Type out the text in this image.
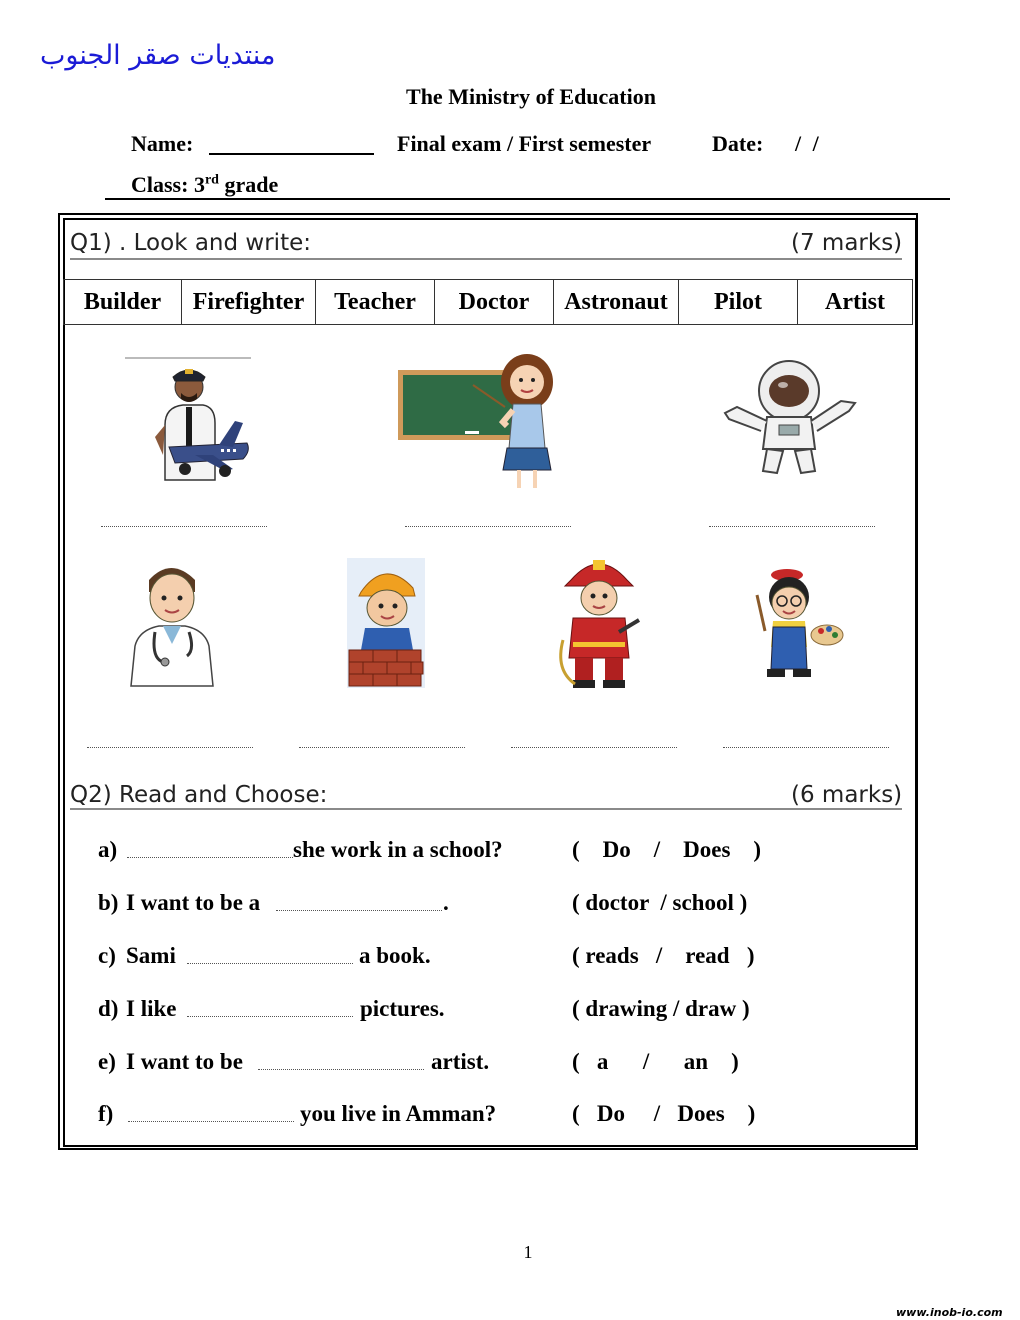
منتديات صقر الجنوب
The Ministry of Education
Name:	Final exam / First semester	Date: / /
Class: 3rd grade
Q1) . Look and write:	(7 marks)
Builder	Firefighter	Teacher	Doctor	Astronaut	Pilot	Artist
Q2) Read and Choose:	(6 marks)
a)	she work in a school?	(    Do    /    Does    )
b) I want to be a	.	( doctor  / school )
c) Sami	a book.	( reads   /    read   )
d) I like	pictures.	( drawing / draw )
e) I want to be	artist.	(   a      /      an    )
f)	you live in Amman?	(   Do     /   Does    )
1
www.inob-io.com
